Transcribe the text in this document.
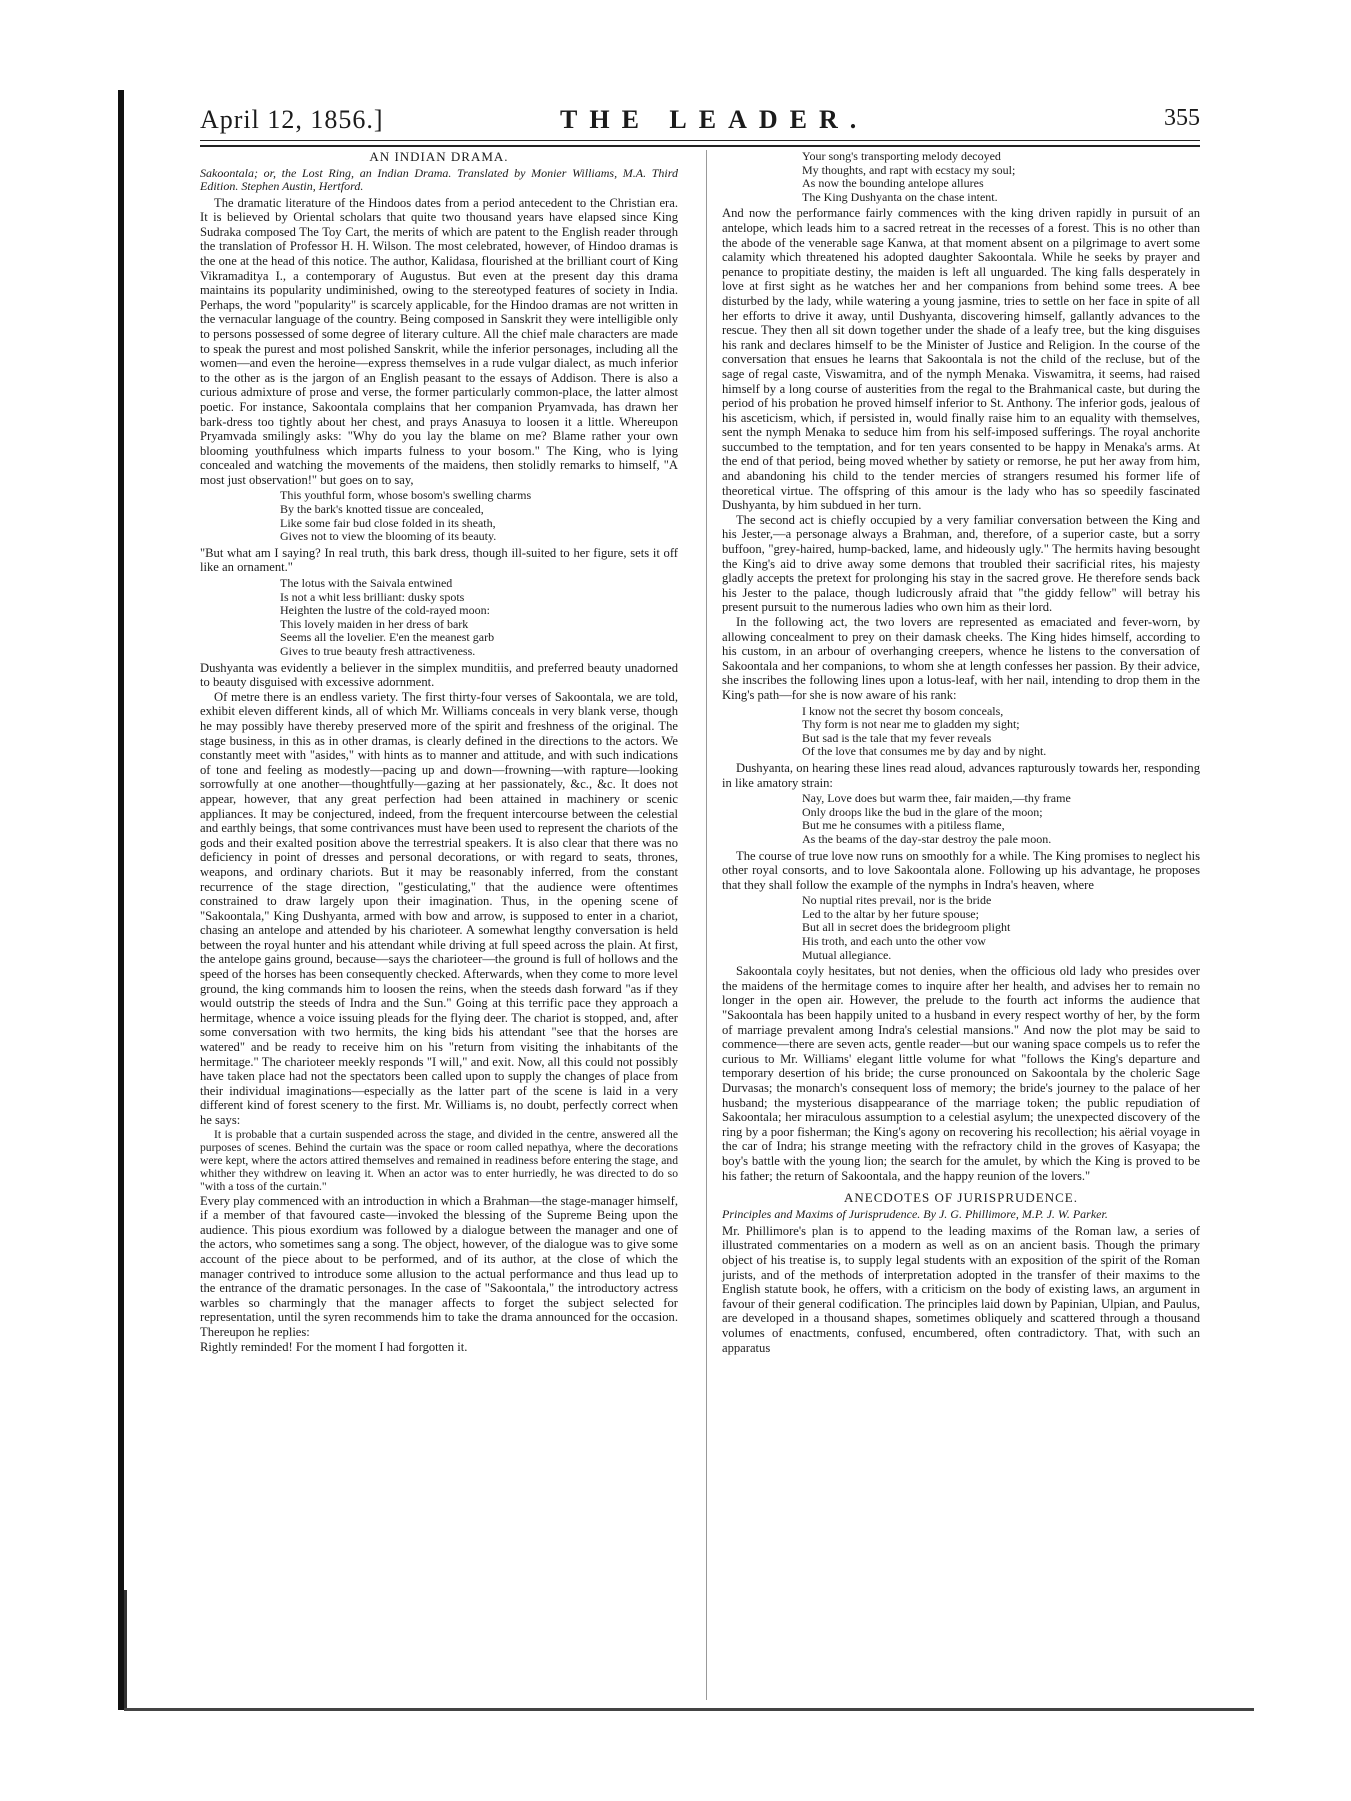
April 12, 1856.]	THE LEADER.	355
AN INDIAN DRAMA.
Sakoontala; or, the Lost Ring, an Indian Drama. Translated by Monier Williams, M.A. Third Edition. Stephen Austin, Hertford.

The dramatic literature of the Hindoos dates from a period antecedent to the Christian era. It is believed by Oriental scholars that quite two thousand years have elapsed since King Sudraka composed The Toy Cart, the merits of which are patent to the English reader through the translation of Professor H. H. Wilson. The most celebrated, however, of Hindoo dramas is the one at the head of this notice. The author, Kalidasa, flourished at the brilliant court of King Vikramaditya I., a contemporary of Augustus. But even at the present day this drama maintains its popularity undiminished, owing to the stereotyped features of society in India. Perhaps, the word "popularity" is scarcely applicable, for the Hindoo dramas are not written in the vernacular language of the country. Being composed in Sanskrit they were intelligible only to persons possessed of some degree of literary culture. All the chief male characters are made to speak the purest and most polished Sanskrit, while the inferior personages, including all the women—and even the heroine—express themselves in a rude vulgar dialect, as much inferior to the other as is the jargon of an English peasant to the essays of Addison. There is also a curious admixture of prose and verse, the former particularly common-place, the latter almost poetic. For instance, Sakoontala complains that her companion Pryamvada, has drawn her bark-dress too tightly about her chest, and prays Anasuya to loosen it a little. Whereupon Pryamvada smilingly asks: "Why do you lay the blame on me? Blame rather your own blooming youthfulness which imparts fulness to your bosom." The King, who is lying concealed and watching the movements of the maidens, then stolidly remarks to himself, "A most just observation!" but goes on to say,

This youthful form, whose bosom's swelling charms
By the bark's knotted tissue are concealed,
Like some fair bud close folded in its sheath,
Gives not to view the blooming of its beauty.

"But what am I saying? In real truth, this bark dress, though ill-suited to her figure, sets it off like an ornament."

The lotus with the Saivala entwined
Is not a whit less brilliant: dusky spots
Heighten the lustre of the cold-rayed moon:
This lovely maiden in her dress of bark
Seems all the lovelier. E'en the meanest garb
Gives to true beauty fresh attractiveness.

Dushyanta was evidently a believer in the simplex munditiis, and preferred beauty unadorned to beauty disguised with excessive adornment.

Of metre there is an endless variety. The first thirty-four verses of Sakoontala, we are told, exhibit eleven different kinds, all of which Mr. Williams conceals in very blank verse, though he may possibly have thereby preserved more of the spirit and freshness of the original. The stage business, in this as in other dramas, is clearly defined in the directions to the actors. We constantly meet with "asides," with hints as to manner and attitude, and with such indications of tone and feeling as modestly—pacing up and down—frowning—with rapture—looking sorrowfully at one another—thoughtfully—gazing at her passionately, &c., &c. It does not appear, however, that any great perfection had been attained in machinery or scenic appliances. It may be conjectured, indeed, from the frequent intercourse between the celestial and earthly beings, that some contrivances must have been used to represent the chariots of the gods and their exalted position above the terrestrial speakers. It is also clear that there was no deficiency in point of dresses and personal decorations, or with regard to seats, thrones, weapons, and ordinary chariots. But it may be reasonably inferred, from the constant recurrence of the stage direction, "gesticulating," that the audience were oftentimes constrained to draw largely upon their imagination. Thus, in the opening scene of "Sakoontala," King Dushyanta, armed with bow and arrow, is supposed to enter in a chariot, chasing an antelope and attended by his charioteer. A somewhat lengthy conversation is held between the royal hunter and his attendant while driving at full speed across the plain. At first, the antelope gains ground, because—says the charioteer—the ground is full of hollows and the speed of the horses has been consequently checked. Afterwards, when they come to more level ground, the king commands him to loosen the reins, when the steeds dash forward "as if they would outstrip the steeds of Indra and the Sun." Going at this terrific pace they approach a hermitage, whence a voice issuing pleads for the flying deer. The chariot is stopped, and, after some conversation with two hermits, the king bids his attendant "see that the horses are watered" and be ready to receive him on his "return from visiting the inhabitants of the hermitage." The charioteer meekly responds "I will," and exit. Now, all this could not possibly have taken place had not the spectators been called upon to supply the changes of place from their individual imaginations—especially as the latter part of the scene is laid in a very different kind of forest scenery to the first. Mr. Williams is, no doubt, perfectly correct when he says:

It is probable that a curtain suspended across the stage, and divided in the centre, answered all the purposes of scenes. Behind the curtain was the space or room called nepathya, where the decorations were kept, where the actors attired themselves and remained in readiness before entering the stage, and whither they withdrew on leaving it. When an actor was to enter hurriedly, he was directed to do so "with a toss of the curtain."

Every play commenced with an introduction in which a Brahman—the stage-manager himself, if a member of that favoured caste—invoked the blessing of the Supreme Being upon the audience. This pious exordium was followed by a dialogue between the manager and one of the actors, who sometimes sang a song. The object, however, of the dialogue was to give some account of the piece about to be performed, and of its author, at the close of which the manager contrived to introduce some allusion to the actual performance and thus lead up to the entrance of the dramatic personages. In the case of "Sakoontala," the introductory actress warbles so charmingly that the manager affects to forget the subject selected for representation, until the syren recommends him to take the drama announced for the occasion. Thereupon he replies:

Rightly reminded! For the moment I had forgotten it.

Your song's transporting melody decoyed
My thoughts, and rapt with ecstacy my soul;
As now the bounding antelope allures
The King Dushyanta on the chase intent.

And now the performance fairly commences with the king driven rapidly in pursuit of an antelope, which leads him to a sacred retreat in the recesses of a forest. This is no other than the abode of the venerable sage Kanwa, at that moment absent on a pilgrimage to avert some calamity which threatened his adopted daughter Sakoontala. While he seeks by prayer and penance to propitiate destiny, the maiden is left all unguarded. The king falls desperately in love at first sight as he watches her and her companions from behind some trees. A bee disturbed by the lady, while watering a young jasmine, tries to settle on her face in spite of all her efforts to drive it away, until Dushyanta, discovering himself, gallantly advances to the rescue. They then all sit down together under the shade of a leafy tree, but the king disguises his rank and declares himself to be the Minister of Justice and Religion. In the course of the conversation that ensues he learns that Sakoontala is not the child of the recluse, but of the sage of regal caste, Viswamitra, and of the nymph Menaka. Viswamitra, it seems, had raised himself by a long course of austerities from the regal to the Brahmanical caste, but during the period of his probation he proved himself inferior to St. Anthony. The inferior gods, jealous of his asceticism, which, if persisted in, would finally raise him to an equality with themselves, sent the nymph Menaka to seduce him from his self-imposed sufferings. The royal anchorite succumbed to the temptation, and for ten years consented to be happy in Menaka's arms. At the end of that period, being moved whether by satiety or remorse, he put her away from him, and abandoning his child to the tender mercies of strangers resumed his former life of theoretical virtue. The offspring of this amour is the lady who has so speedily fascinated Dushyanta, by him subdued in her turn.

The second act is chiefly occupied by a very familiar conversation between the King and his Jester,—a personage always a Brahman, and, therefore, of a superior caste, but a sorry buffoon, "grey-haired, hump-backed, lame, and hideously ugly." The hermits having besought the King's aid to drive away some demons that troubled their sacrificial rites, his majesty gladly accepts the pretext for prolonging his stay in the sacred grove. He therefore sends back his Jester to the palace, though ludicrously afraid that "the giddy fellow" will betray his present pursuit to the numerous ladies who own him as their lord.

In the following act, the two lovers are represented as emaciated and fever-worn, by allowing concealment to prey on their damask cheeks. The King hides himself, according to his custom, in an arbour of overhanging creepers, whence he listens to the conversation of Sakoontala and her companions, to whom she at length confesses her passion. By their advice, she inscribes the following lines upon a lotus-leaf, with her nail, intending to drop them in the King's path—for she is now aware of his rank:

I know not the secret thy bosom conceals,
Thy form is not near me to gladden my sight;
But sad is the tale that my fever reveals
Of the love that consumes me by day and by night.

Dushyanta, on hearing these lines read aloud, advances rapturously towards her, responding in like amatory strain:

Nay, Love does but warm thee, fair maiden,—thy frame
Only droops like the bud in the glare of the moon;
But me he consumes with a pitiless flame,
As the beams of the day-star destroy the pale moon.

The course of true love now runs on smoothly for a while. The King promises to neglect his other royal consorts, and to love Sakoontala alone. Following up his advantage, he proposes that they shall follow the example of the nymphs in Indra's heaven, where

No nuptial rites prevail, nor is the bride
Led to the altar by her future spouse;
But all in secret does the bridegroom plight
His troth, and each unto the other vow
Mutual allegiance.

Sakoontala coyly hesitates, but not denies, when the officious old lady who presides over the maidens of the hermitage comes to inquire after her health, and advises her to remain no longer in the open air. However, the prelude to the fourth act informs the audience that "Sakoontala has been happily united to a husband in every respect worthy of her, by the form of marriage prevalent among Indra's celestial mansions." And now the plot may be said to commence—there are seven acts, gentle reader—but our waning space compels us to refer the curious to Mr. Williams' elegant little volume for what "follows the King's departure and temporary desertion of his bride; the curse pronounced on Sakoontala by the choleric Sage Durvasas; the monarch's consequent loss of memory; the bride's journey to the palace of her husband; the mysterious disappearance of the marriage token; the public repudiation of Sakoontala; her miraculous assumption to a celestial asylum; the unexpected discovery of the ring by a poor fisherman; the King's agony on recovering his recollection; his aërial voyage in the car of Indra; his strange meeting with the refractory child in the groves of Kasyapa; the boy's battle with the young lion; the search for the amulet, by which the King is proved to be his father; the return of Sakoontala, and the happy reunion of the lovers."

ANECDOTES OF JURISPRUDENCE.
Principles and Maxims of Jurisprudence. By J. G. Phillimore, M.P. J. W. Parker.

Mr. Phillimore's plan is to append to the leading maxims of the Roman law, a series of illustrated commentaries on a modern as well as on an ancient basis. Though the primary object of his treatise is, to supply legal students with an exposition of the spirit of the Roman jurists, and of the methods of interpretation adopted in the transfer of their maxims to the English statute book, he offers, with a criticism on the body of existing laws, an argument in favour of their general codification. The principles laid down by Papinian, Ulpian, and Paulus, are developed in a thousand shapes, sometimes obliquely and scattered through a thousand volumes of enactments, confused, encumbered, often contradictory. That, with such an apparatus
